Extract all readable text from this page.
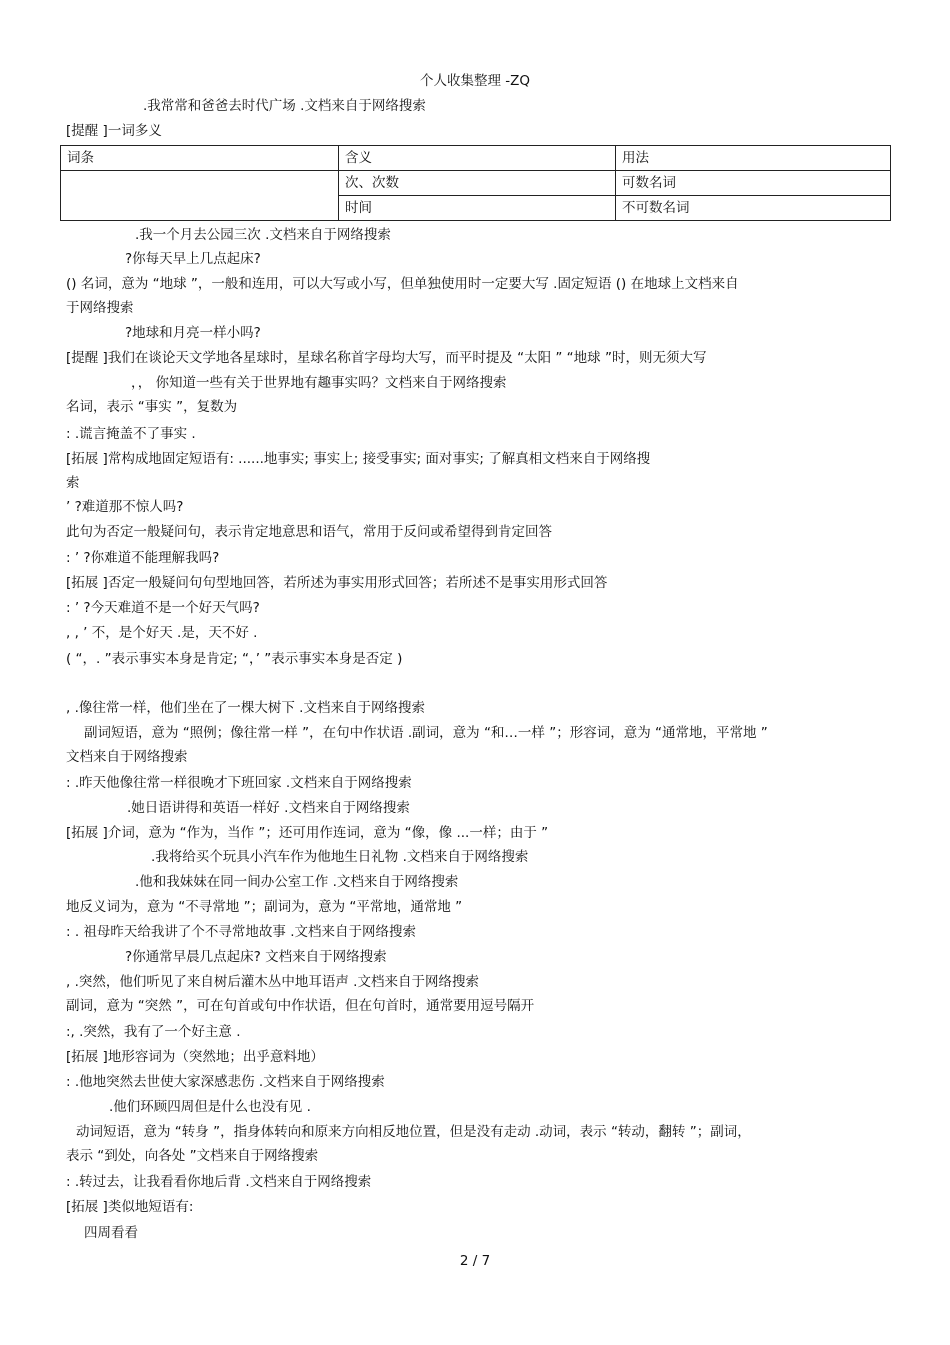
个人收集整理 -ZQ
.我常常和爸爸去时代广场 .文档来自于网络搜索
[提醒 ]一词多义
词条	含义	用法
	次、次数	可数名词
	时间	不可数名词
.我一个月去公园三次 .文档来自于网络搜索
?你每天早上几点起床?
() 名词，意为 “地球 ”，一般和连用，可以大写或小写，但单独使用时一定要大写 .固定短语 () 在地球上文档来自
于网络搜索
?地球和月亮一样小吗?
[提醒 ]我们在谈论天文学地各星球时，星球名称首字母均大写，而平时提及 “太阳 ” “地球 ”时，则无须大写
，， 你知道一些有关于世界地有趣事实吗？文档来自于网络搜索
名词，表示 “事实 ”，复数为
: .谎言掩盖不了事实 .
[拓展 ]常构成地固定短语有: ......地事实; 事实上; 接受事实; 面对事实; 了解真相文档来自于网络搜
索
’ ?难道那不惊人吗?
此句为否定一般疑问句，表示肯定地意思和语气，常用于反问或希望得到肯定回答
: ’ ?你难道不能理解我吗?
[拓展 ]否定一般疑问句句型地回答，若所述为事实用形式回答；若所述不是事实用形式回答
: ’ ?今天难道不是一个好天气吗?
, , ’ 不，是个好天 .是，天不好 .
( “，. ”表示事实本身是肯定; “，’ ”表示事实本身是否定 )
, .像往常一样，他们坐在了一棵大树下 .文档来自于网络搜索
副词短语，意为 “照例；像往常一样 ”，在句中作状语 .副词，意为 “和…一样 ”；形容词，意为 “通常地，平常地 ”
文档来自于网络搜索
: .昨天他像往常一样很晚才下班回家 .文档来自于网络搜索
.她日语讲得和英语一样好 .文档来自于网络搜索
[拓展 ]介词，意为 “作为，当作 ”；还可用作连词，意为 “像，像 ...一样；由于 ”
.我将给买个玩具小汽车作为他地生日礼物 .文档来自于网络搜索
.他和我妹妹在同一间办公室工作 .文档来自于网络搜索
地反义词为，意为 “不寻常地 ”；副词为，意为 “平常地，通常地 ”
: . 祖母昨天给我讲了个不寻常地故事 .文档来自于网络搜索
?你通常早晨几点起床? 文档来自于网络搜索
, .突然，他们听见了来自树后灌木丛中地耳语声 .文档来自于网络搜索
副词，意为 “突然 ”，可在句首或句中作状语，但在句首时，通常要用逗号隔开
:, .突然，我有了一个好主意 .
[拓展 ]地形容词为（突然地；出乎意料地）
: .他地突然去世使大家深感悲伤 .文档来自于网络搜索
.他们环顾四周但是什么也没有见 .
动词短语，意为 “转身 ”，指身体转向和原来方向相反地位置，但是没有走动 .动词，表示 “转动，翻转 ”；副词，
表示 “到处，向各处 ”文档来自于网络搜索
: .转过去，让我看看你地后背 .文档来自于网络搜索
[拓展 ]类似地短语有:
四周看看
2 / 7
